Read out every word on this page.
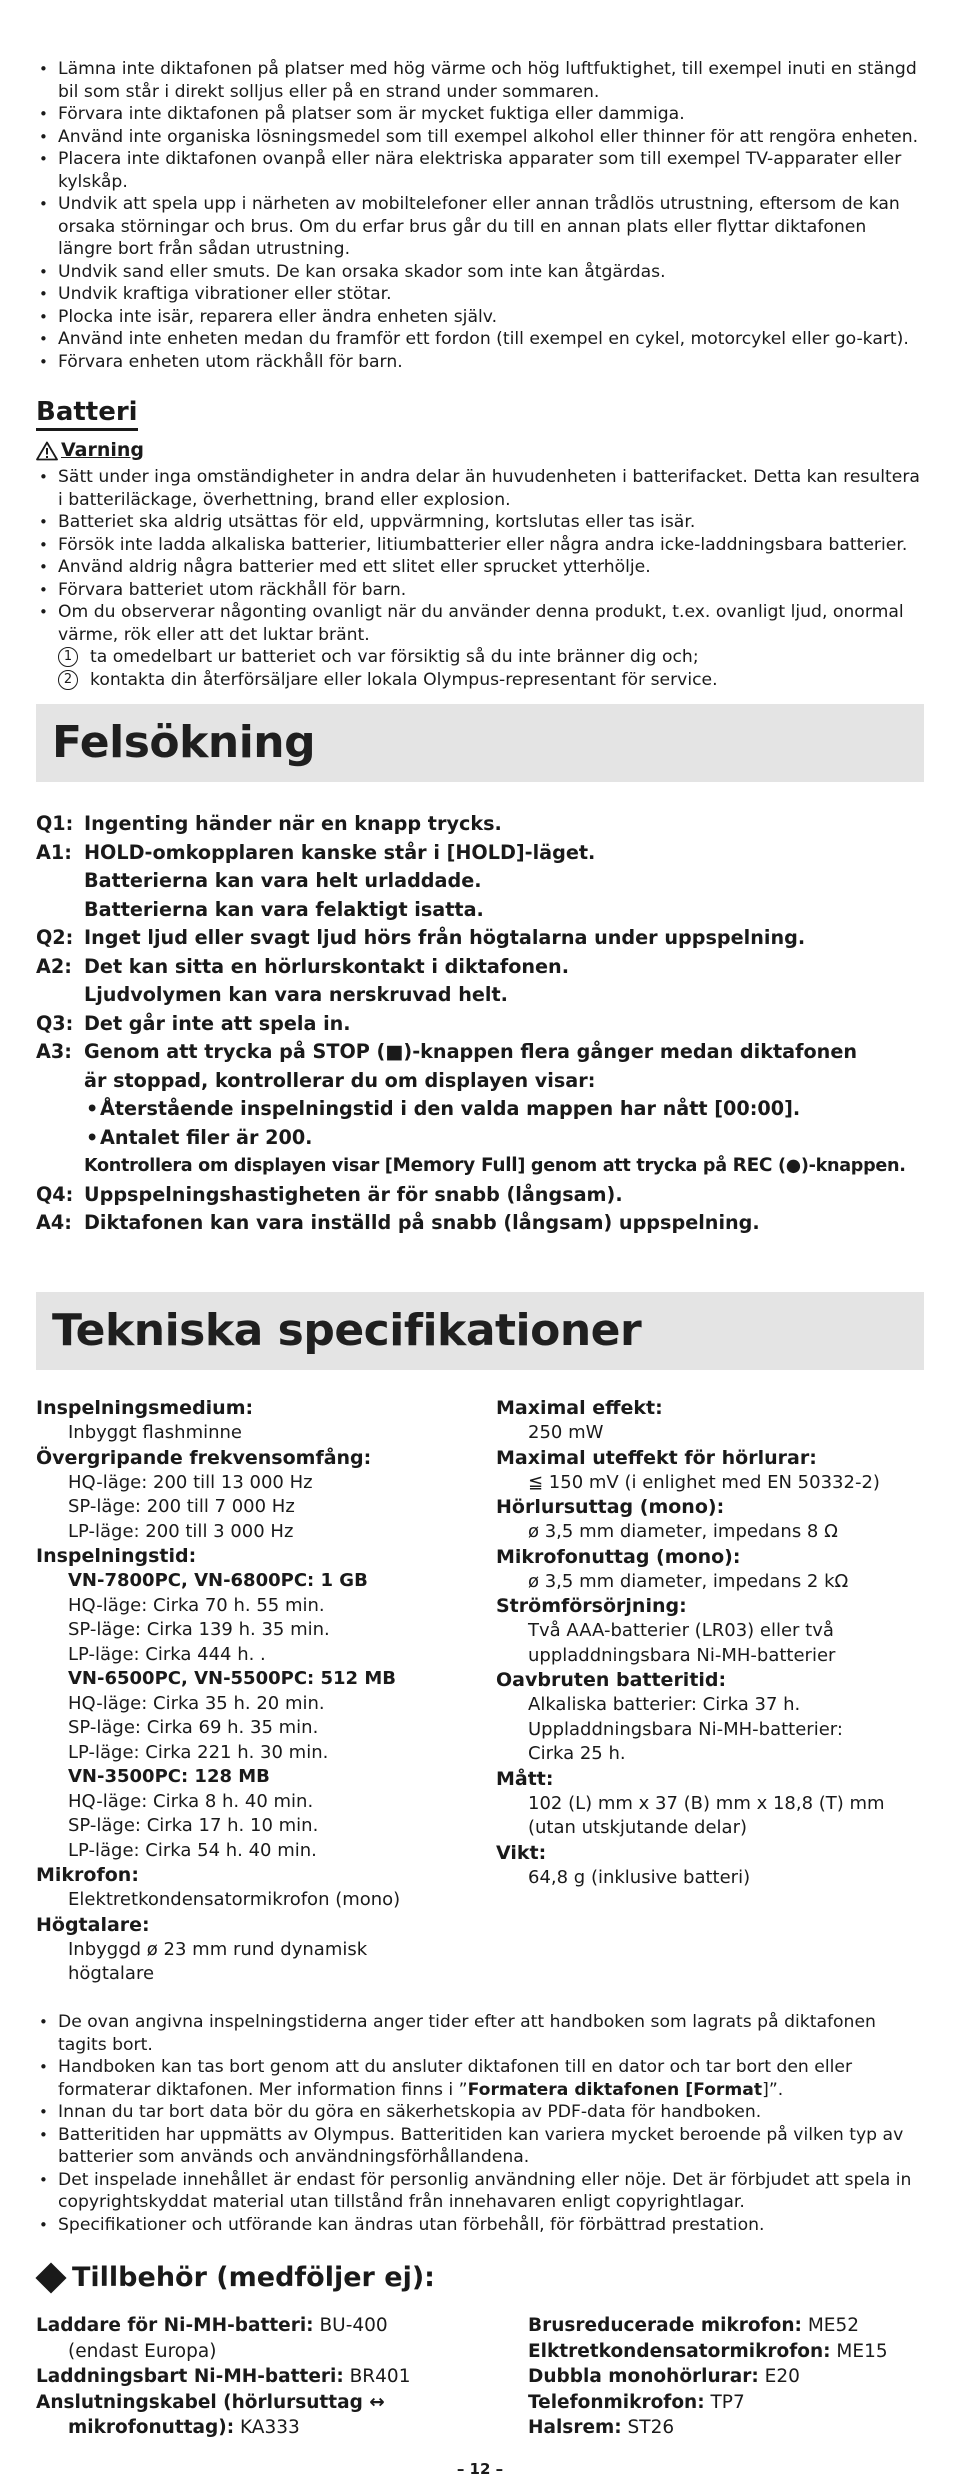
• Lämna inte diktafonen på platser med hög värme och hög luftfuktighet, till exempel inuti en stängd bil som står i direkt solljus eller på en strand under sommaren.
• Förvara inte diktafonen på platser som är mycket fuktiga eller dammiga.
• Använd inte organiska lösningsmedel som till exempel alkohol eller thinner för att rengöra enheten.
• Placera inte diktafonen ovanpå eller nära elektriska apparater som till exempel TV-apparater eller kylskåp.
• Undvik att spela upp i närheten av mobiltelefoner eller annan trådlös utrustning, eftersom de kan orsaka störningar och brus. Om du erfar brus går du till en annan plats eller flyttar diktafonen längre bort från sådan utrustning.
• Undvik sand eller smuts. De kan orsaka skador som inte kan åtgärdas.
• Undvik kraftiga vibrationer eller stötar.
• Plocka inte isär, reparera eller ändra enheten själv.
• Använd inte enheten medan du framför ett fordon (till exempel en cykel, motorcykel eller go-kart).
• Förvara enheten utom räckhåll för barn.
Batteri
Varning
• Sätt under inga omständigheter in andra delar än huvudenheten i batterifacket. Detta kan resultera i batteriläckage, överhettning, brand eller explosion.
• Batteriet ska aldrig utsättas för eld, uppvärmning, kortslutas eller tas isär.
• Försök inte ladda alkaliska batterier, litiumbatterier eller några andra icke-laddningsbara batterier.
• Använd aldrig några batterier med ett slitet eller sprucket ytterhölje.
• Förvara batteriet utom räckhåll för barn.
• Om du observerar någonting ovanligt när du använder denna produkt, t.ex. ovanligt ljud, onormal värme, rök eller att det luktar bränt.
1	ta omedelbart ur batteriet och var försiktig så du inte bränner dig och;
2	kontakta din återförsäljare eller lokala Olympus-representant för service.
Felsökning
Q1: Ingenting händer när en knapp trycks.
A1: HOLD-omkopplaren kanske står i [HOLD]-läget.
Batterierna kan vara helt urladdade.
Batterierna kan vara felaktigt isatta.
Q2: Inget ljud eller svagt ljud hörs från högtalarna under uppspelning.
A2: Det kan sitta en hörlurskontakt i diktafonen.
Ljudvolymen kan vara nerskruvad helt.
Q3: Det går inte att spela in.
A3: Genom att trycka på STOP (■)-knappen flera gånger medan diktafonen
är stoppad, kontrollerar du om displayen visar:
• Återstående inspelningstid i den valda mappen har nått [00:00].
• Antalet filer är 200.
Kontrollera om displayen visar [Memory Full] genom att trycka på REC (●)-knappen.
Q4: Uppspelningshastigheten är för snabb (långsam).
A4: Diktafonen kan vara inställd på snabb (långsam) uppspelning.
Tekniska specifikationer
Inspelningsmedium:
Inbyggt flashminne
Övergripande frekvensomfång:
HQ-läge: 200 till 13 000 Hz
SP-läge: 200 till 7 000 Hz
LP-läge: 200 till 3 000 Hz
Inspelningstid:
VN-7800PC, VN-6800PC: 1 GB
HQ-läge: Cirka 70 h. 55 min.
SP-läge: Cirka 139 h. 35 min.
LP-läge: Cirka 444 h. .
VN-6500PC, VN-5500PC: 512 MB
HQ-läge: Cirka 35 h. 20 min.
SP-läge: Cirka 69 h. 35 min.
LP-läge: Cirka 221 h. 30 min.
VN-3500PC: 128 MB
HQ-läge: Cirka 8 h. 40 min.
SP-läge: Cirka 17 h. 10 min.
LP-läge: Cirka 54 h. 40 min.
Mikrofon:
Elektretkondensatormikrofon (mono)
Högtalare:
Inbyggd ø 23 mm rund dynamisk
högtalare
Maximal effekt:
250 mW
Maximal uteffekt för hörlurar:
≦ 150 mV (i enlighet med EN 50332-2)
Hörlursuttag (mono):
ø 3,5 mm diameter, impedans 8 Ω
Mikrofonuttag (mono):
ø 3,5 mm diameter, impedans 2 kΩ
Strömförsörjning:
Två AAA-batterier (LR03) eller två
uppladdningsbara Ni-MH-batterier
Oavbruten batteritid:
Alkaliska batterier: Cirka 37 h.
Uppladdningsbara Ni-MH-batterier:
Cirka 25 h.
Mått:
102 (L) mm x 37 (B) mm x 18,8 (T) mm
(utan utskjutande delar)
Vikt:
64,8 g (inklusive batteri)
• De ovan angivna inspelningstiderna anger tider efter att handboken som lagrats på diktafonen tagits bort.
• Handboken kan tas bort genom att du ansluter diktafonen till en dator och tar bort den eller formaterar diktafonen. Mer information finns i ”Formatera diktafonen [Format]”.
• Innan du tar bort data bör du göra en säkerhetskopia av PDF-data för handboken.
• Batteritiden har uppmätts av Olympus. Batteritiden kan variera mycket beroende på vilken typ av batterier som används och användningsförhållandena.
• Det inspelade innehållet är endast för personlig användning eller nöje. Det är förbjudet att spela in copyrightskyddat material utan tillstånd från innehavaren enligt copyrightlagar.
• Specifikationer och utförande kan ändras utan förbehåll, för förbättrad prestation.
Tillbehör (medföljer ej):
Laddare för Ni-MH-batteri: BU-400
(endast Europa)
Laddningsbart Ni-MH-batteri: BR401
Anslutningskabel (hörlursuttag ↔
mikrofonuttag): KA333
Brusreducerade mikrofon: ME52
Elktretkondensatormikrofon: ME15
Dubbla monohörlurar: E20
Telefonmikrofon: TP7
Halsrem: ST26
– 12 –
